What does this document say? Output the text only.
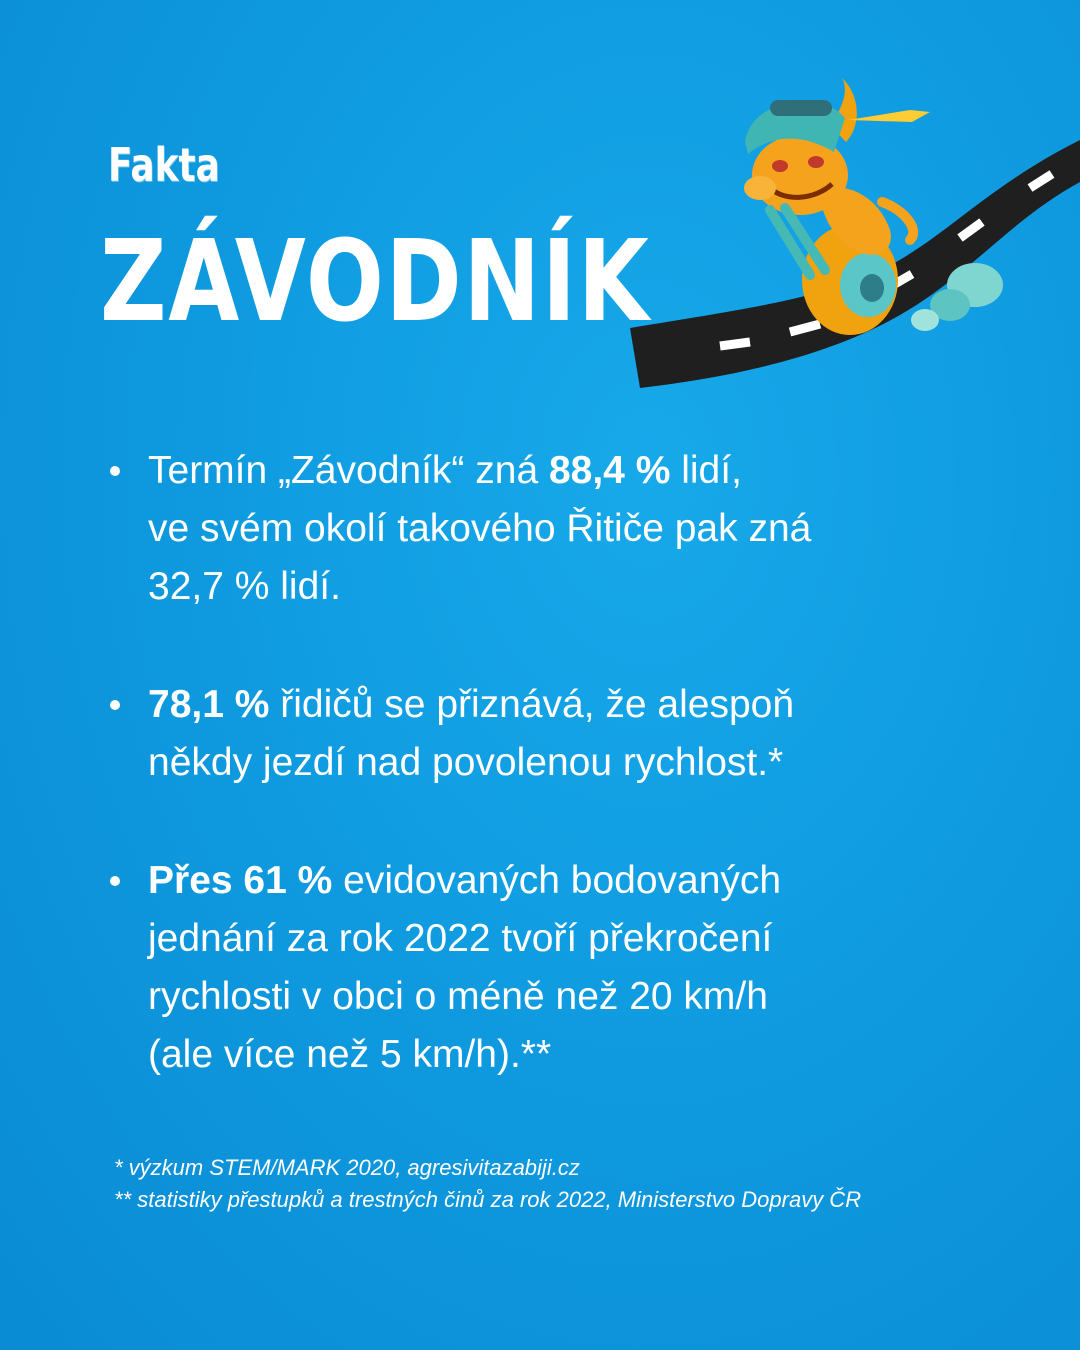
Fakta
ZÁVODNÍK
Termín „Závodník“ zná 88,4 % lidí,
ve svém okolí takového Řitiče pak zná
32,7 % lidí.
78,1 % řidičů se přiznává, že alespoň
někdy jezdí nad povolenou rychlost.*
Přes 61 % evidovaných bodovaných
jednání za rok 2022 tvoří překročení
rychlosti v obci o méně než 20 km/h
(ale více než 5 km/h).**
* výzkum STEM/MARK 2020, agresivitazabiji.cz
** statistiky přestupků a trestných činů za rok 2022, Ministerstvo Dopravy ČR
